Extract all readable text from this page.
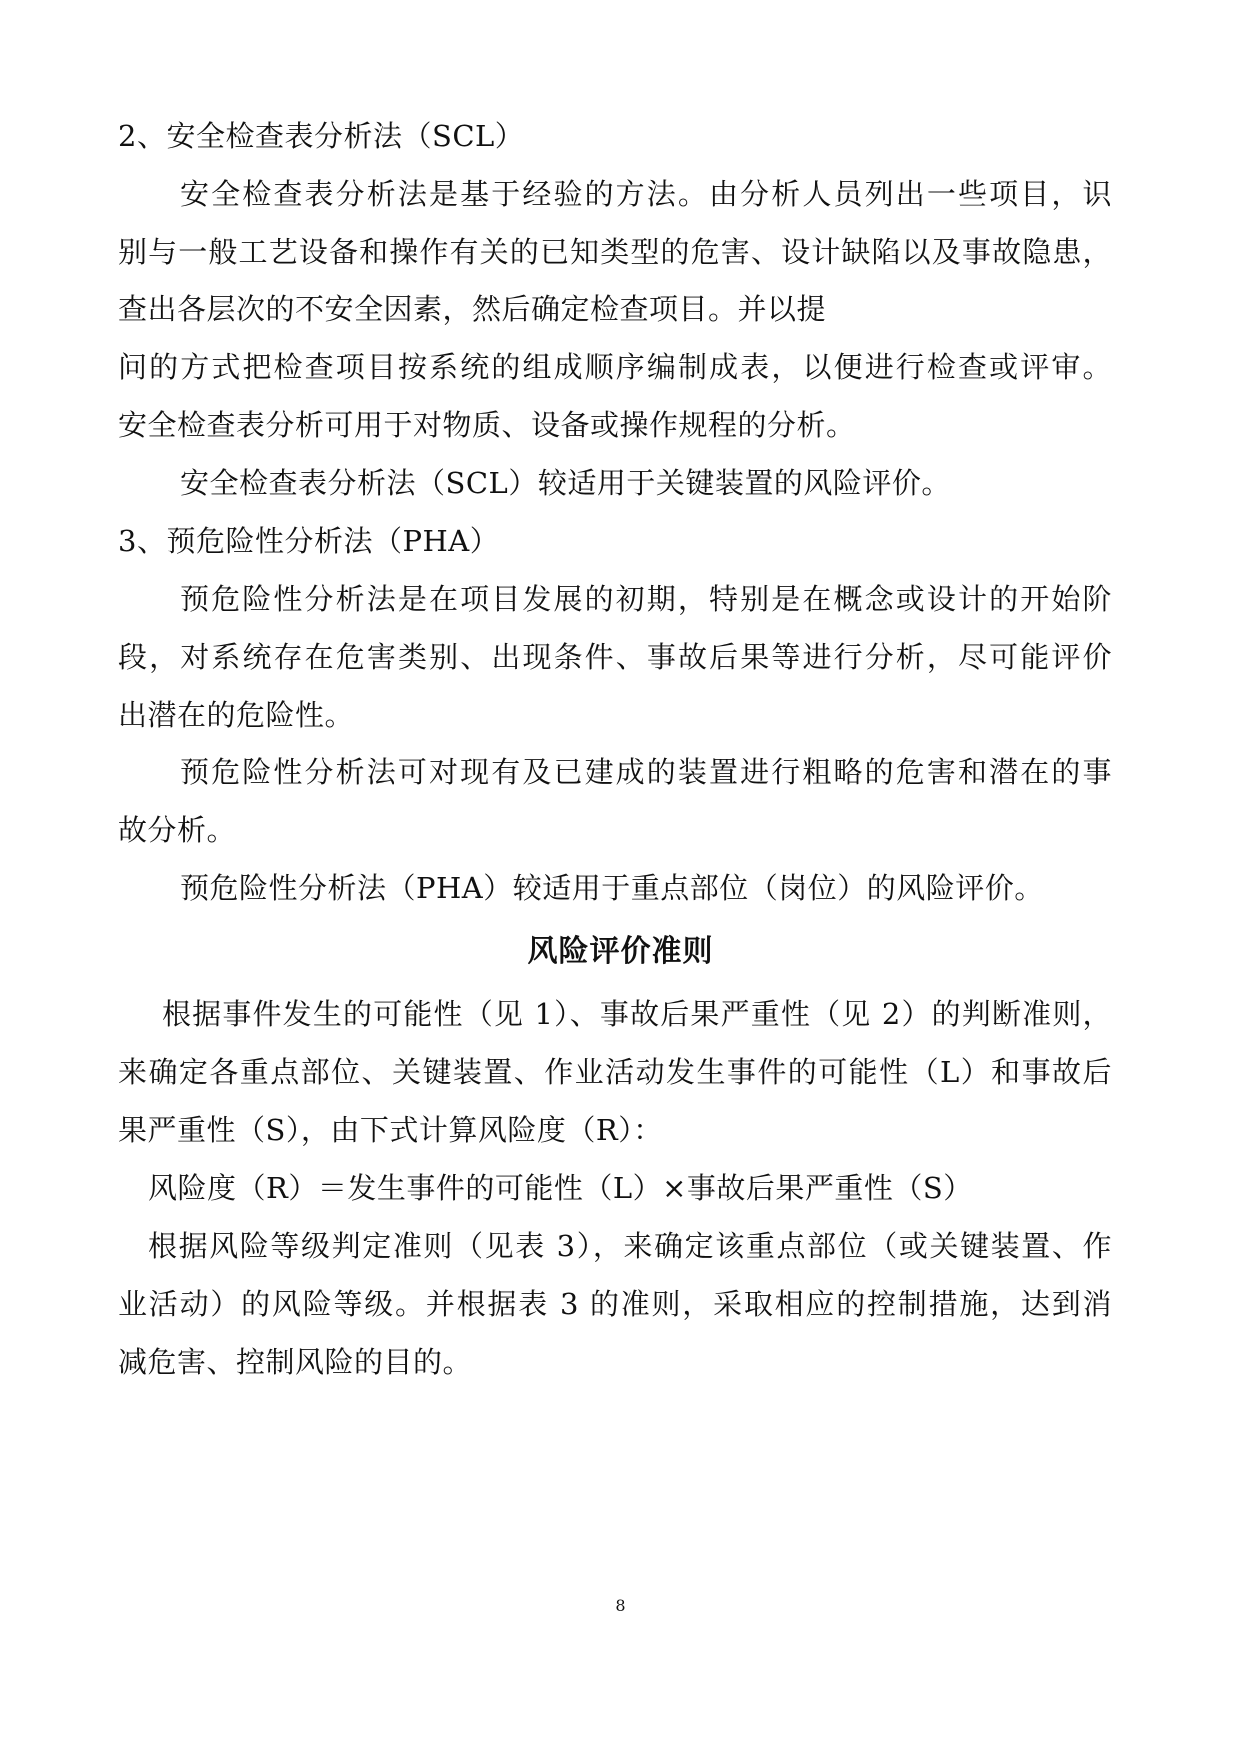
2、安全检查表分析法（SCL）
安全检查表分析法是基于经验的方法。由分析人员列出一些项目，识
别与一般工艺设备和操作有关的已知类型的危害、设计缺陷以及事故隐患，
查出各层次的不安全因素，然后确定检查项目。并以提
问的方式把检查项目按系统的组成顺序编制成表，以便进行检查或评审。
安全检查表分析可用于对物质、设备或操作规程的分析。
安全检查表分析法（SCL）较适用于关键装置的风险评价。
3、预危险性分析法（PHA）
预危险性分析法是在项目发展的初期，特别是在概念或设计的开始阶
段，对系统存在危害类别、出现条件、事故后果等进行分析，尽可能评价
出潜在的危险性。
预危险性分析法可对现有及已建成的装置进行粗略的危害和潜在的事
故分析。
预危险性分析法（PHA）较适用于重点部位（岗位）的风险评价。
风险评价准则
根据事件发生的可能性（见 1）、事故后果严重性（见 2）的判断准则，
来确定各重点部位、关键装置、作业活动发生事件的可能性（L）和事故后
果严重性（S），由下式计算风险度（R）：
风险度（R）＝发生事件的可能性（L）×事故后果严重性（S）
根据风险等级判定准则（见表 3），来确定该重点部位（或关键装置、作
业活动）的风险等级。并根据表 3 的准则，采取相应的控制措施，达到消
减危害、控制风险的目的。
8
